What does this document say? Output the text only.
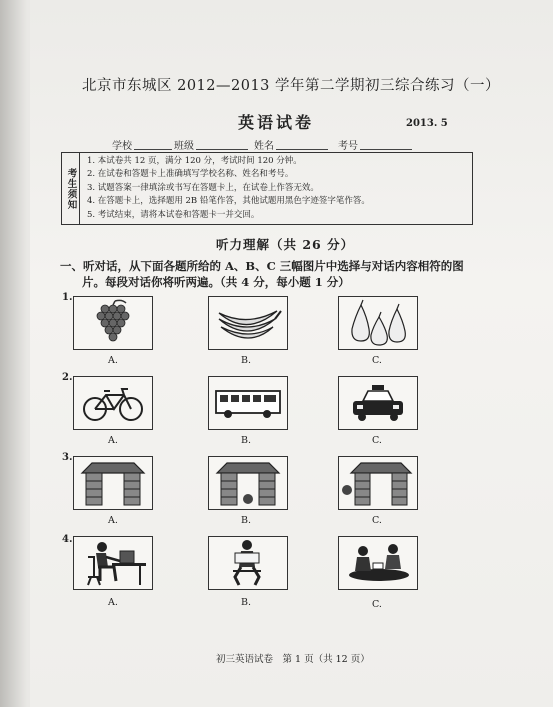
北京市东城区 2012—2013 学年第二学期初三综合练习（一）
英语试卷	2013. 5
学校	班级	姓名	考号
考生须知
1. 本试卷共 12 页，满分 120 分，考试时间 120 分钟。
2. 在试卷和答题卡上准确填写学校名称、姓名和考号。
3. 试题答案一律填涂或书写在答题卡上，在试卷上作答无效。
4. 在答题卡上，选择题用 2B 铅笔作答，其他试题用黑色字迹签字笔作答。
5. 考试结束，请将本试卷和答题卡一并交回。
听力理解（共 26 分）
一、听对话，从下面各题所给的 A、B、C 三幅图片中选择与对话内容相符的图
片。每段对话你将听两遍。（共 4 分，每小题 1 分）
1.
A.	B.	C.
2.
A.	B.	C.
3.
A.	B.	C.
4.
A.	B.	C.
初三英语试卷　第 1 页（共 12 页）
